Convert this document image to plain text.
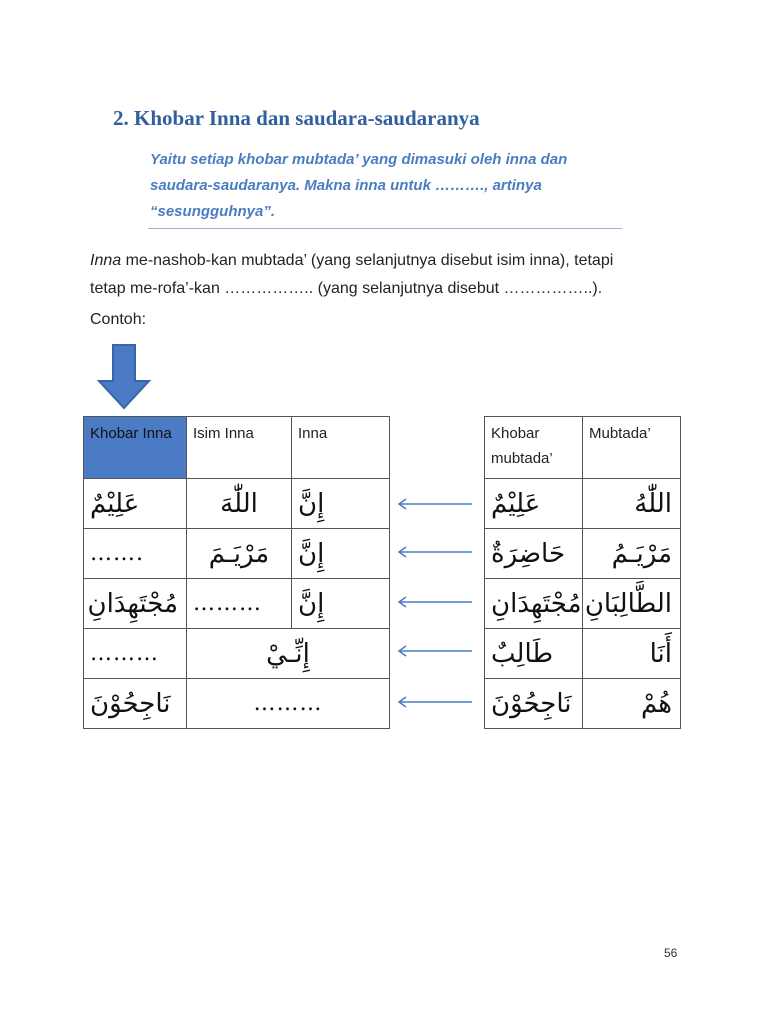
2. Khobar Inna dan saudara-saudaranya
Yaitu setiap khobar mubtada’ yang dimasuki oleh inna dan
saudara-saudaranya. Makna inna untuk ………., artinya
“sesungguhnya”.
Inna me-nashob-kan mubtada’ (yang selanjutnya disebut isim inna), tetapi
tetap me-rofa’-kan …………….. (yang selanjutnya disebut ……………..).
Contoh:
Khobar Inna	Isim Inna	Inna
عَلِيْمٌ	اللّٰهَ	إِنَّ
…….	مَرْيَـمَ	إِنَّ
مُجْتَهِدَانِ	………	إِنَّ
………	إِنِّـيْ	
نَاجِحُوْنَ	………	
Khobar mubtada’	Mubtada’
عَلِيْمٌ	اللّٰهُ
حَاضِرَةٌ	مَرْيَـمُ
مُجْتَهِدَانِ	الطَّالِبَانِ
طَالِبٌ	أَنَا
نَاجِحُوْنَ	هُمْ
56
